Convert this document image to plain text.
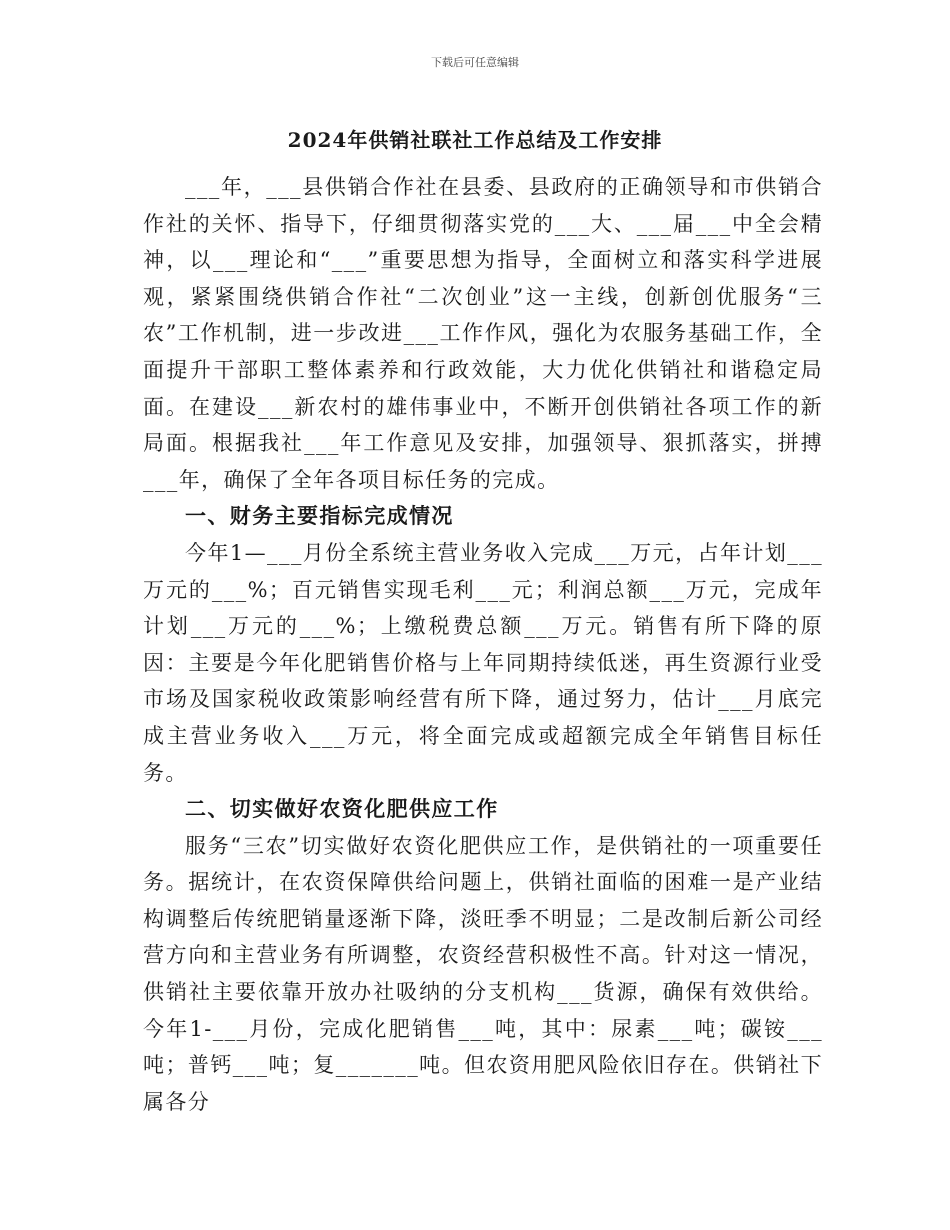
下载后可任意编辑
2024年供销社联社工作总结及工作安排

___年，___县供销合作社在县委、县政府的正确领导和市供销合作社的关怀、指导下，仔细贯彻落实党的___大、___届___中全会精神，以___理论和“___”重要思想为指导，全面树立和落实科学进展观，紧紧围绕供销合作社“二次创业”这一主线，创新创优服务“三农”工作机制，进一步改进___工作作风，强化为农服务基础工作，全面提升干部职工整体素养和行政效能，大力优化供销社和谐稳定局面。在建设___新农村的雄伟事业中，不断开创供销社各项工作的新局面。根据我社___年工作意见及安排，加强领导、狠抓落实，拼搏___年，确保了全年各项目标任务的完成。

一、财务主要指标完成情况

今年1—___月份全系统主营业务收入完成___万元，占年计划___万元的___%；百元销售实现毛利___元；利润总额___万元，完成年计划___万元的___%；上缴税费总额___万元。销售有所下降的原因：主要是今年化肥销售价格与上年同期持续低迷，再生资源行业受市场及国家税收政策影响经营有所下降，通过努力，估计___月底完成主营业务收入___万元，将全面完成或超额完成全年销售目标任务。

二、切实做好农资化肥供应工作

服务“三农”切实做好农资化肥供应工作，是供销社的一项重要任务。据统计，在农资保障供给问题上，供销社面临的困难一是产业结构调整后传统肥销量逐渐下降，淡旺季不明显；二是改制后新公司经营方向和主营业务有所调整，农资经营积极性不高。针对这一情况，供销社主要依靠开放办社吸纳的分支机构___货源，确保有效供给。今年1-___月份，完成化肥销售___吨，其中：尿素___吨；碳铵___吨；普钙___吨；复_______吨。但农资用肥风险依旧存在。供销社下属各分
